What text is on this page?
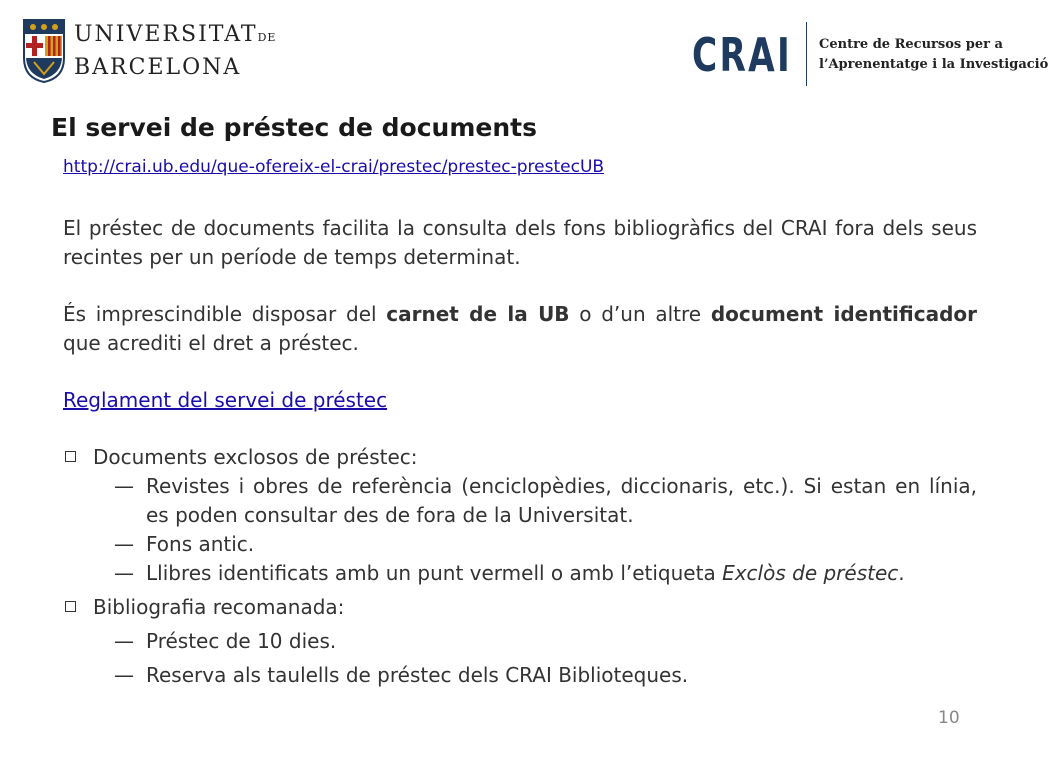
UNIVERSITATDE
BARCELONA	CRAI Centre de Recursos per a
l’Aprenentatge i la Investigació
El servei de préstec de documents
http://crai.ub.edu/que-ofereix-el-crai/prestec/prestec-prestecUB

El préstec de documents facilita la consulta dels fons bibliogràfics del CRAI fora dels seus recintes per un període de temps determinat.

És imprescindible disposar del carnet de la UB o d’un altre document identificador que acrediti el dret a préstec.

Reglament del servei de préstec

Documents exclosos de préstec:

— Revistes i obres de referència (enciclopèdies, diccionaris, etc.). Si estan en línia, es poden consultar des de fora de la Universitat.

— Fons antic.

— Llibres identificats amb un punt vermell o amb l’etiqueta Exclòs de préstec.

Bibliografia recomanada:

— Préstec de 10 dies.

— Reserva als taulells de préstec dels CRAI Biblioteques.

10
